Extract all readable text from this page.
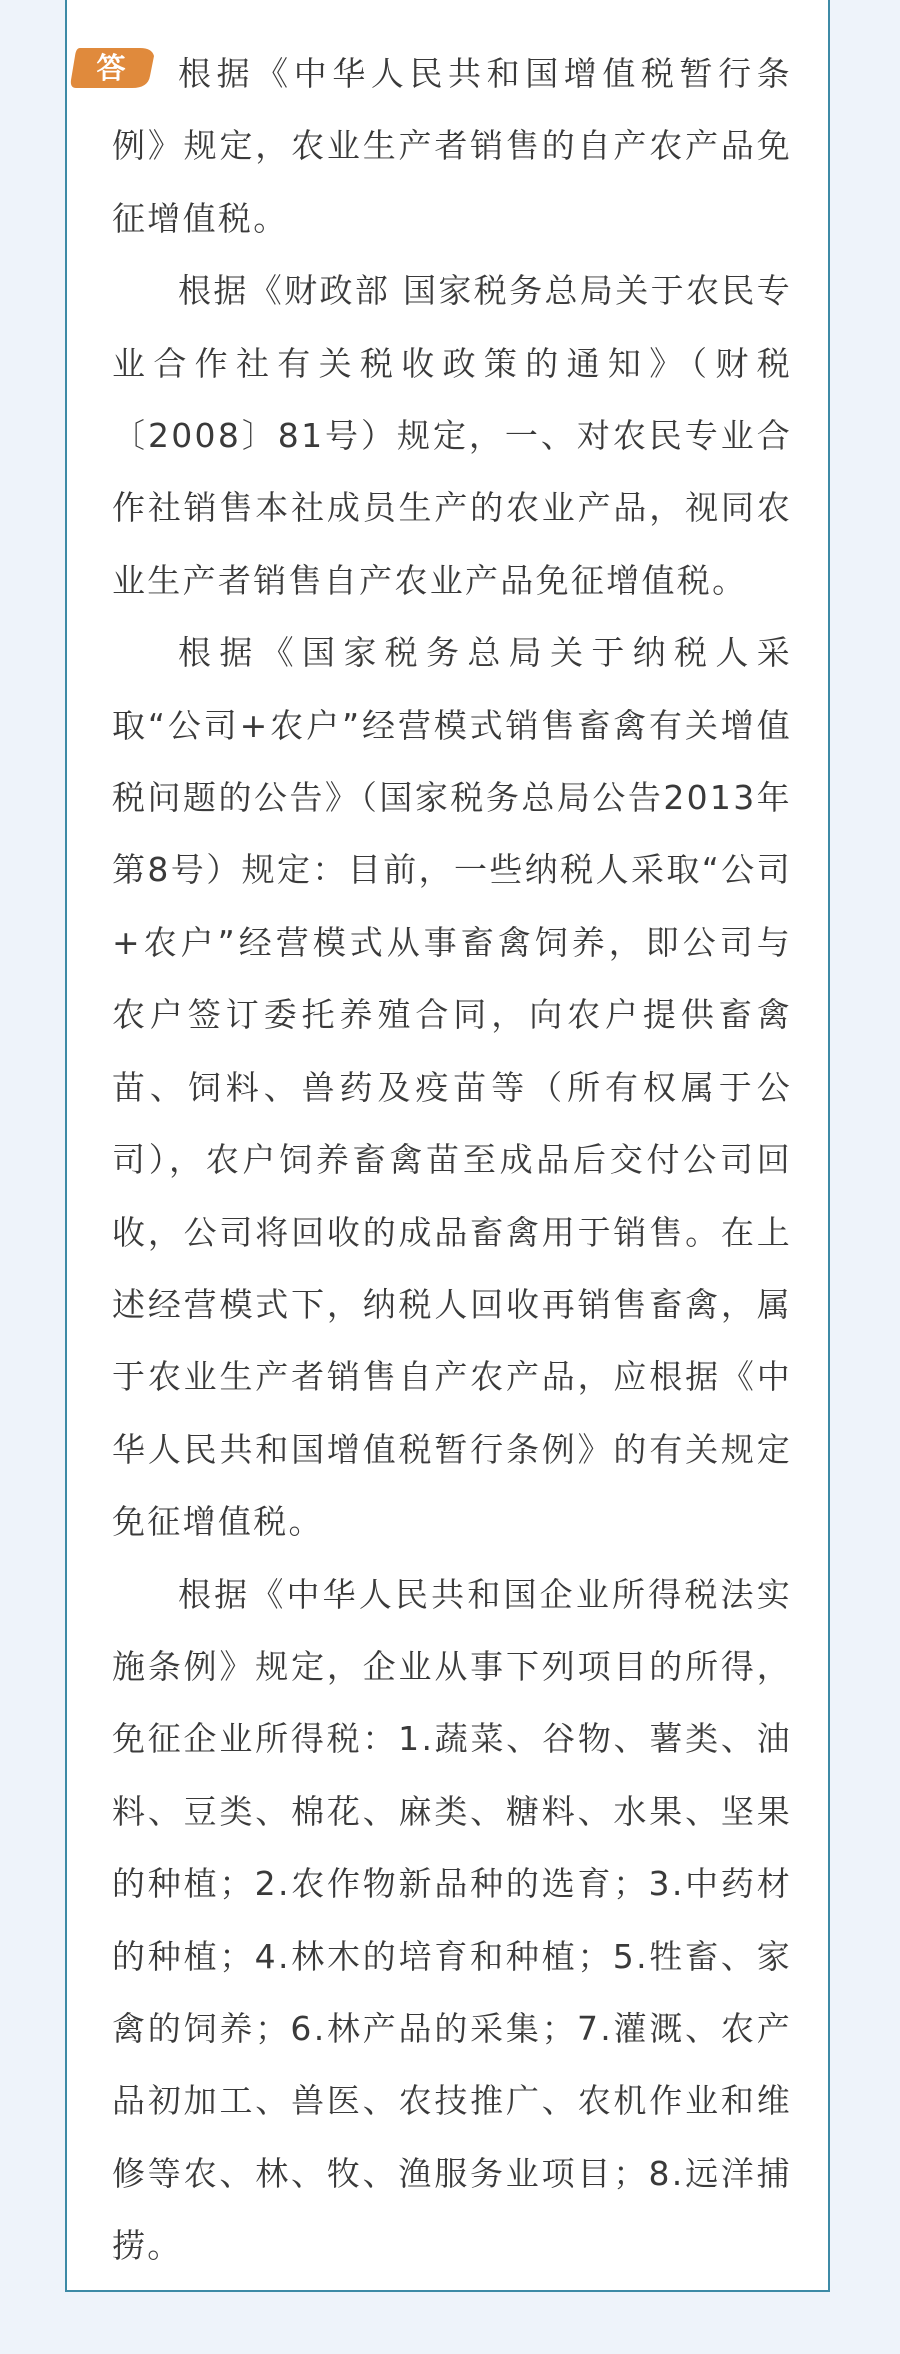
答	根据《中华人民共和国增值税暂行条例》规定，农业生产者销售的自产农产品免征增值税。

根据《财政部 国家税务总局关于农民专业合作社有关税收政策的通知》（财税〔2008〕81号）规定，一、对农民专业合作社销售本社成员生产的农业产品，视同农业生产者销售自产农业产品免征增值税。

根据《国家税务总局关于纳税人采取“公司+农户”经营模式销售畜禽有关增值税问题的公告》（国家税务总局公告2013年第8号）规定：目前，一些纳税人采取“公司+农户”经营模式从事畜禽饲养，即公司与农户签订委托养殖合同，向农户提供畜禽苗、饲料、兽药及疫苗等（所有权属于公司），农户饲养畜禽苗至成品后交付公司回收，公司将回收的成品畜禽用于销售。在上述经营模式下，纳税人回收再销售畜禽，属于农业生产者销售自产农产品，应根据《中华人民共和国增值税暂行条例》的有关规定免征增值税。

根据《中华人民共和国企业所得税法实施条例》规定，企业从事下列项目的所得，免征企业所得税：1.蔬菜、谷物、薯类、油料、豆类、棉花、麻类、糖料、水果、坚果的种植；2.农作物新品种的选育；3.中药材的种植；4.林木的培育和种植；5.牲畜、家禽的饲养；6.林产品的采集；7.灌溉、农产品初加工、兽医、农技推广、农机作业和维修等农、林、牧、渔服务业项目；8.远洋捕捞。
